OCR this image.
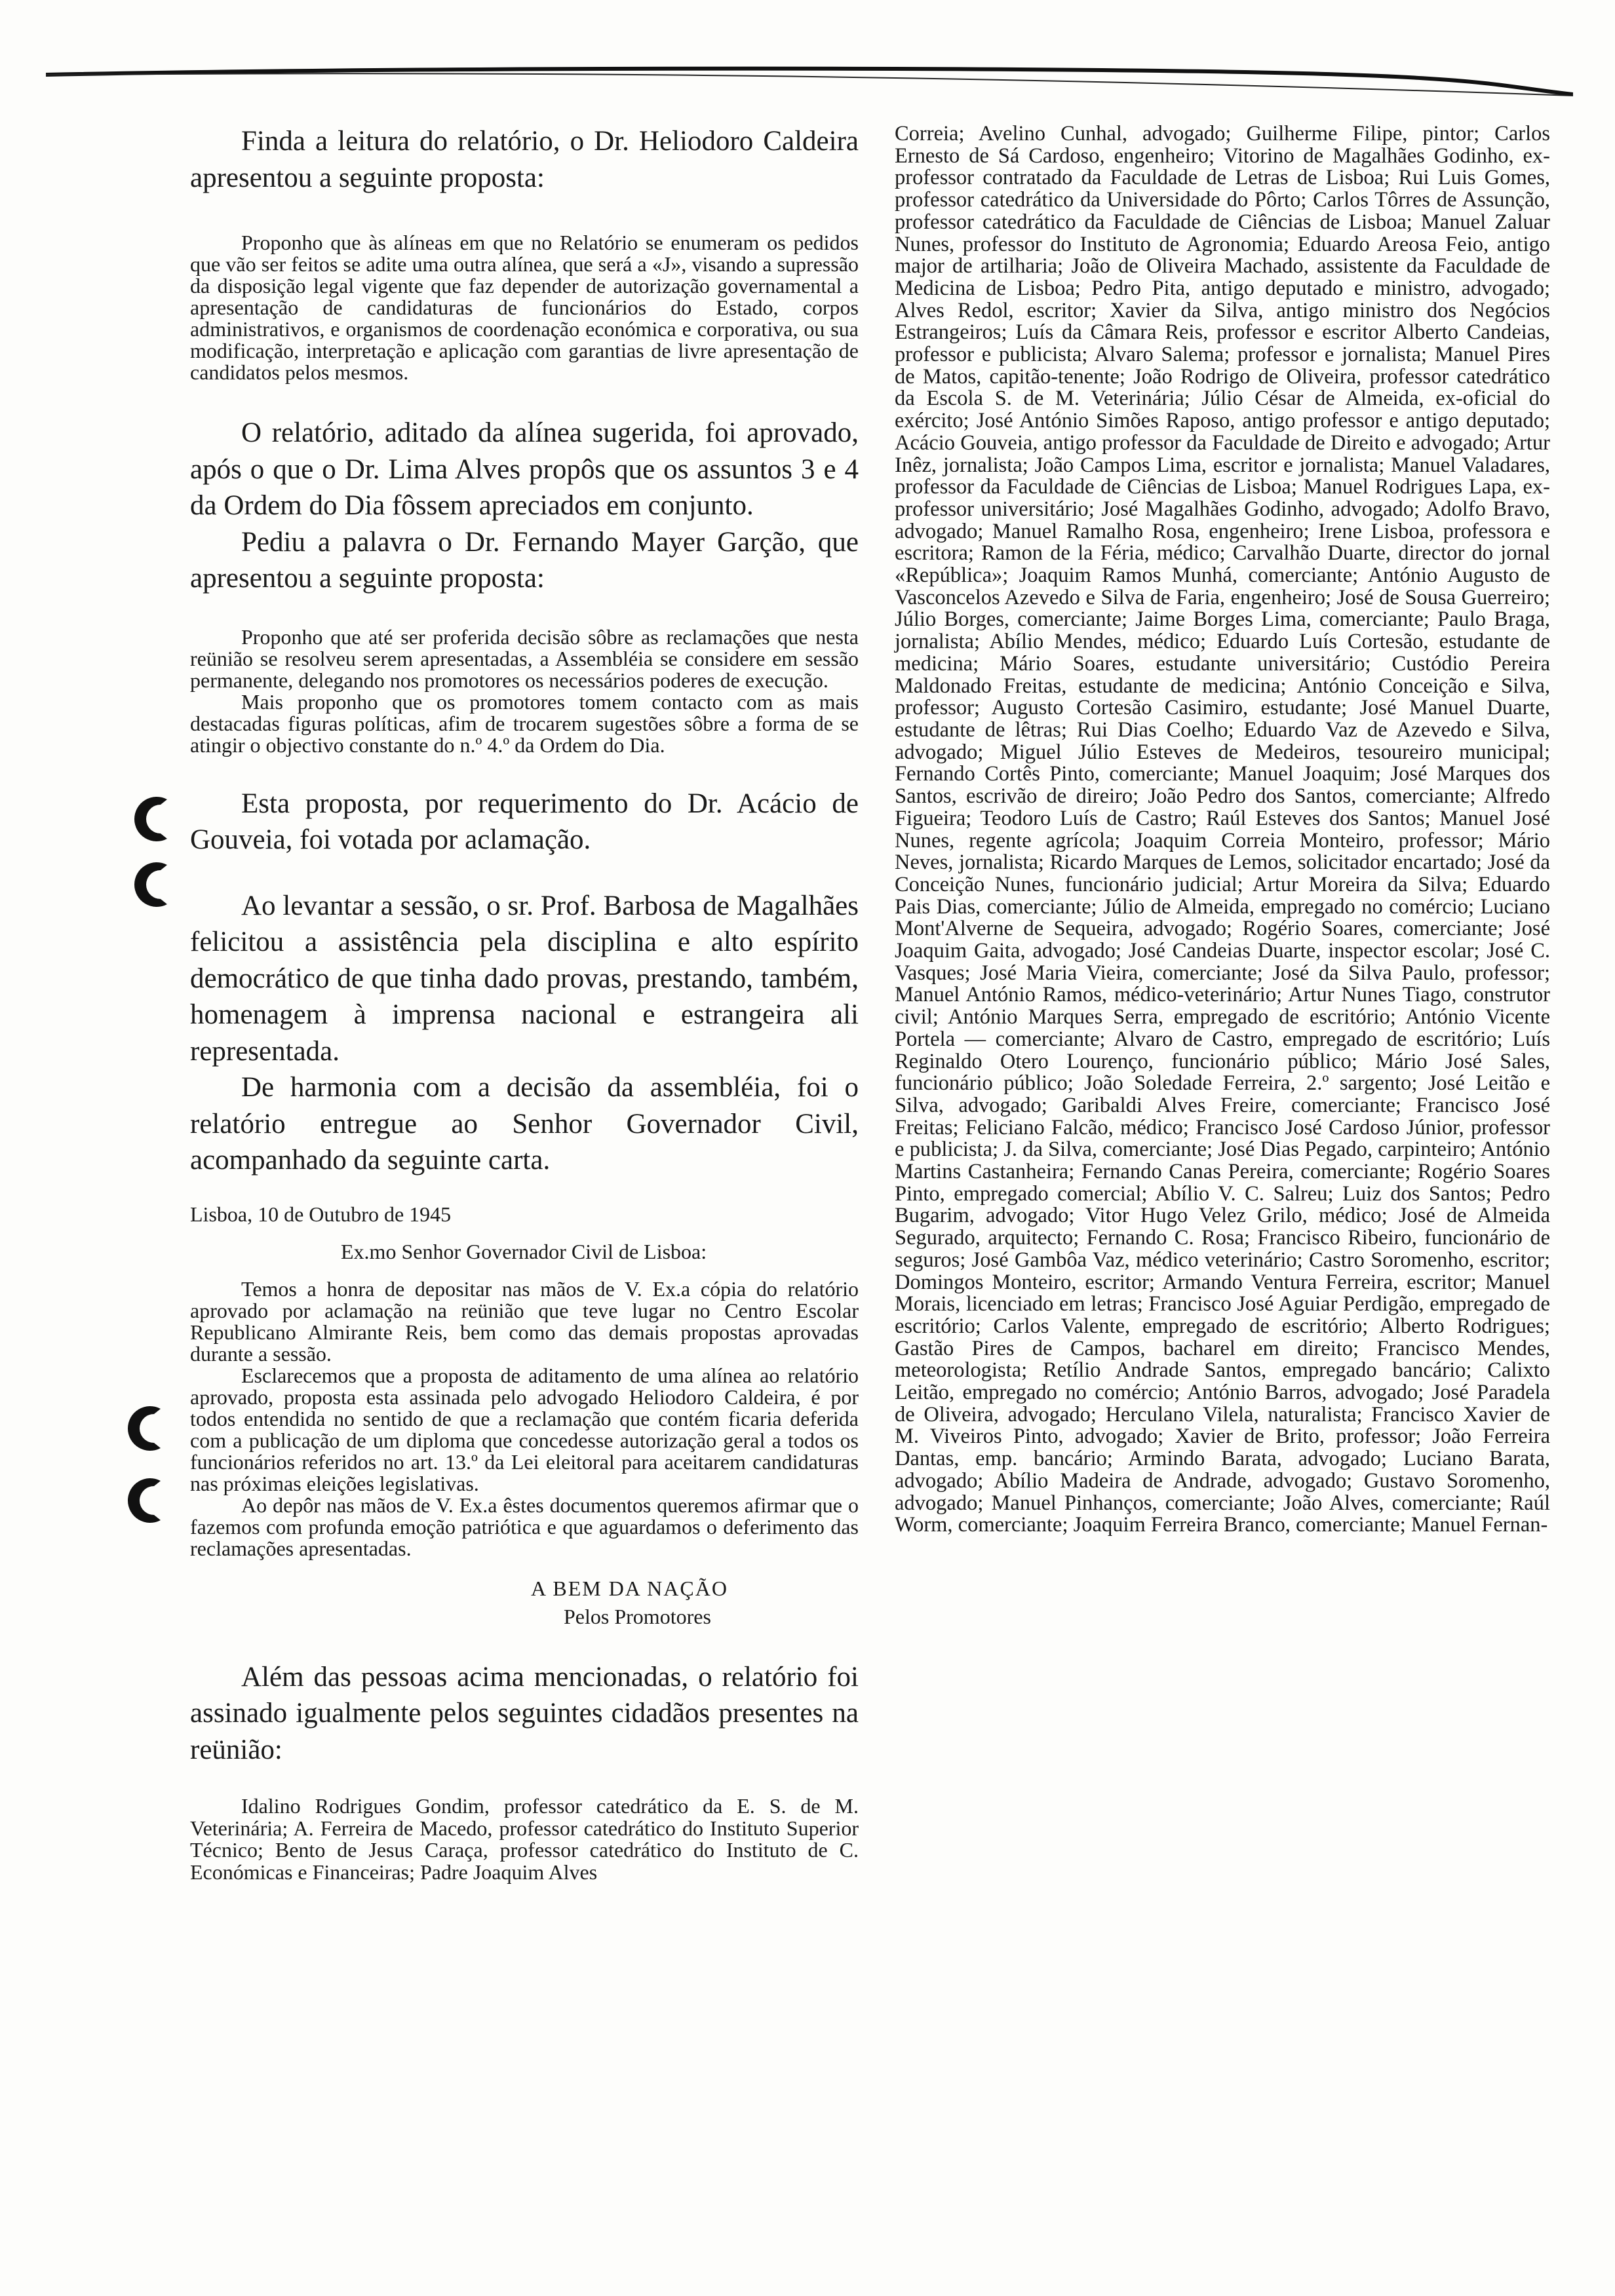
Finda a leitura do relatório, o Dr. Heliodoro Caldeira apresentou a seguinte proposta:

Proponho que às alíneas em que no Relatório se enumeram os pedidos que vão ser feitos se adite uma outra alínea, que será a «J», visando a supressão da disposição legal vigente que faz depender de autorização governamental a apresentação de candidaturas de funcionários do Estado, corpos administrativos, e organismos de coordenação económica e corporativa, ou sua modificação, interpretação e aplicação com garantias de livre apresentação de candidatos pelos mesmos.

O relatório, aditado da alínea sugerida, foi aprovado, após o que o Dr. Lima Alves propôs que os assuntos 3 e 4 da Ordem do Dia fôssem apreciados em conjunto.

Pediu a palavra o Dr. Fernando Mayer Garção, que apresentou a seguinte proposta:

Proponho que até ser proferida decisão sôbre as reclamações que nesta reünião se resolveu serem apresentadas, a Assembléia se considere em sessão permanente, delegando nos promotores os necessários poderes de execução.

Mais proponho que os promotores tomem contacto com as mais destacadas figuras políticas, afim de trocarem sugestões sôbre a forma de se atingir o objectivo constante do n.º 4.º da Ordem do Dia.

Esta proposta, por requerimento do Dr. Acácio de Gouveia, foi votada por aclamação.

Ao levantar a sessão, o sr. Prof. Barbosa de Magalhães felicitou a assistência pela disciplina e alto espírito democrático de que tinha dado provas, prestando, também, homenagem à imprensa nacional e estrangeira ali representada.

De harmonia com a decisão da assembléia, foi o relatório entregue ao Senhor Governador Civil, acompanhado da seguinte carta.

Lisboa, 10 de Outubro de 1945

Ex.mo Senhor Governador Civil de Lisboa:

Temos a honra de depositar nas mãos de V. Ex.a cópia do relatório aprovado por aclamação na reünião que teve lugar no Centro Escolar Republicano Almirante Reis, bem como das demais propostas aprovadas durante a sessão.

Esclarecemos que a proposta de aditamento de uma alínea ao relatório aprovado, proposta esta assinada pelo advogado Heliodoro Caldeira, é por todos entendida no sentido de que a reclamação que contém ficaria deferida com a publicação de um diploma que concedesse autorização geral a todos os funcionários referidos no art. 13.º da Lei eleitoral para aceitarem candidaturas nas próximas eleições legislativas.

Ao depôr nas mãos de V. Ex.a êstes documentos queremos afirmar que o fazemos com profunda emoção patriótica e que aguardamos o deferimento das reclamações apresentadas.

A BEM DA NAÇÃO

Pelos Promotores

Além das pessoas acima mencionadas, o relatório foi assinado igualmente pelos seguintes cidadãos presentes na reünião:

Idalino Rodrigues Gondim, professor catedrático da E. S. de M. Veterinária; A. Ferreira de Macedo, professor catedrático do Instituto Superior Técnico; Bento de Jesus Caraça, professor catedrático do Instituto de C. Económicas e Financeiras; Padre Joaquim Alves

Correia; Avelino Cunhal, advogado; Guilherme Filipe, pintor; Carlos Ernesto de Sá Cardoso, engenheiro; Vitorino de Magalhães Godinho, ex-professor contratado da Faculdade de Letras de Lisboa; Rui Luis Gomes, professor catedrático da Universidade do Pôrto; Carlos Tôrres de Assunção, professor catedrático da Faculdade de Ciências de Lisboa; Manuel Zaluar Nunes, professor do Instituto de Agronomia; Eduardo Areosa Feio, antigo major de artilharia; João de Oliveira Machado, assistente da Faculdade de Medicina de Lisboa; Pedro Pita, antigo deputado e ministro, advogado; Alves Redol, escritor; Xavier da Silva, antigo ministro dos Negócios Estrangeiros; Luís da Câmara Reis, professor e escritor Alberto Candeias, professor e publicista; Alvaro Salema; professor e jornalista; Manuel Pires de Matos, capitão-tenente; João Rodrigo de Oliveira, professor catedrático da Escola S. de M. Veterinária; Júlio César de Almeida, ex-oficial do exército; José António Simões Raposo, antigo professor e antigo deputado; Acácio Gouveia, antigo professor da Faculdade de Direito e advogado; Artur Inêz, jornalista; João Campos Lima, escritor e jornalista; Manuel Valadares, professor da Faculdade de Ciências de Lisboa; Manuel Rodrigues Lapa, ex-professor universitário; José Magalhães Godinho, advogado; Adolfo Bravo, advogado; Manuel Ramalho Rosa, engenheiro; Irene Lisboa, professora e escritora; Ramon de la Féria, médico; Carvalhão Duarte, director do jornal «República»; Joaquim Ramos Munhá, comerciante; António Augusto de Vasconcelos Azevedo e Silva de Faria, engenheiro; José de Sousa Guerreiro; Júlio Borges, comerciante; Jaime Borges Lima, comerciante; Paulo Braga, jornalista; Abílio Mendes, médico; Eduardo Luís Cortesão, estudante de medicina; Mário Soares, estudante universitário; Custódio Pereira Maldonado Freitas, estudante de medicina; António Conceição e Silva, professor; Augusto Cortesão Casimiro, estudante; José Manuel Duarte, estudante de lêtras; Rui Dias Coelho; Eduardo Vaz de Azevedo e Silva, advogado; Miguel Júlio Esteves de Medeiros, tesoureiro municipal; Fernando Cortês Pinto, comerciante; Manuel Joaquim; José Marques dos Santos, escrivão de direiro; João Pedro dos Santos, comerciante; Alfredo Figueira; Teodoro Luís de Castro; Raúl Esteves dos Santos; Manuel José Nunes, regente agrícola; Joaquim Correia Monteiro, professor; Mário Neves, jornalista; Ricardo Marques de Lemos, solicitador encartado; José da Conceição Nunes, funcionário judicial; Artur Moreira da Silva; Eduardo Pais Dias, comerciante; Júlio de Almeida, empregado no comércio; Luciano Mont'Alverne de Sequeira, advogado; Rogério Soares, comerciante; José Joaquim Gaita, advogado; José Candeias Duarte, inspector escolar; José C. Vasques; José Maria Vieira, comerciante; José da Silva Paulo, professor; Manuel António Ramos, médico-veterinário; Artur Nunes Tiago, construtor civil; António Marques Serra, empregado de escritório; António Vicente Portela — comerciante; Alvaro de Castro, empregado de escritório; Luís Reginaldo Otero Lourenço, funcionário público; Mário José Sales, funcionário público; João Soledade Ferreira, 2.º sargento; José Leitão e Silva, advogado; Garibaldi Alves Freire, comerciante; Francisco José Freitas; Feliciano Falcão, médico; Francisco José Cardoso Júnior, professor e publicista; J. da Silva, comerciante; José Dias Pegado, carpinteiro; António Martins Castanheira; Fernando Canas Pereira, comerciante; Rogério Soares Pinto, empregado comercial; Abílio V. C. Salreu; Luiz dos Santos; Pedro Bugarim, advogado; Vitor Hugo Velez Grilo, médico; José de Almeida Segurado, arquitecto; Fernando C. Rosa; Francisco Ribeiro, funcionário de seguros; José Gambôa Vaz, médico veterinário; Castro Soromenho, escritor; Domingos Monteiro, escritor; Armando Ventura Ferreira, escritor; Manuel Morais, licenciado em letras; Francisco José Aguiar Perdigão, empregado de escritório; Carlos Valente, empregado de escritório; Alberto Rodrigues; Gastão Pires de Campos, bacharel em direito; Francisco Mendes, meteorologista; Retílio Andrade Santos, empregado bancário; Calixto Leitão, empregado no comércio; António Barros, advogado; José Paradela de Oliveira, advogado; Herculano Vilela, naturalista; Francisco Xavier de M. Viveiros Pinto, advogado; Xavier de Brito, professor; João Ferreira Dantas, emp. bancário; Armindo Barata, advogado; Luciano Barata, advogado; Abílio Madeira de Andrade, advogado; Gustavo Soromenho, advogado; Manuel Pinhanços, comerciante; João Alves, comerciante; Raúl Worm, comerciante; Joaquim Ferreira Branco, comerciante; Manuel Fernan-
